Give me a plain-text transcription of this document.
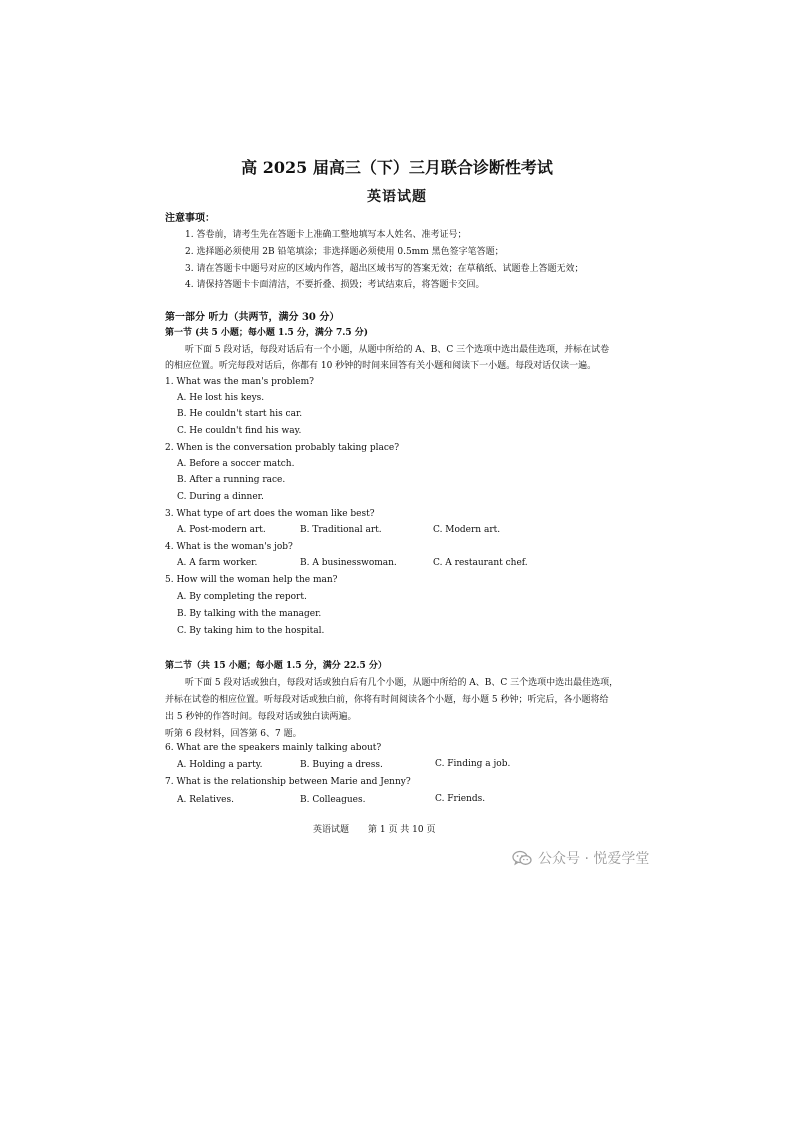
高 2025 届高三（下）三月联合诊断性考试
英语试题
注意事项：
1. 答卷前，请考生先在答题卡上准确工整地填写本人姓名、准考证号；
2. 选择题必须使用 2B 铅笔填涂；非选择题必须使用 0.5mm 黑色签字笔答题；
3. 请在答题卡中题号对应的区域内作答，超出区域书写的答案无效；在草稿纸、试题卷上答题无效；
4. 请保持答题卡卡面清洁，不要折叠、损毁；考试结束后，将答题卡交回。
第一部分 听力（共两节，满分 30 分）
第一节 (共 5 小题；每小题 1.5 分，满分 7.5 分)
听下面 5 段对话，每段对话后有一个小题，从题中所给的 A、B、C 三个选项中选出最佳选项，并标在试卷
的相应位置。听完每段对话后，你都有 10 秒钟的时间来回答有关小题和阅读下一小题。每段对话仅读一遍。
1. What was the man's problem?
A. He lost his keys.
B. He couldn't start his car.
C. He couldn't find his way.
2. When is the conversation probably taking place?
A. Before a soccer match.
B. After a running race.
C. During a dinner.
3. What type of art does the woman like best?
A. Post-modern art.	B. Traditional art.	C. Modern art.
4. What is the woman's job?
A. A farm worker.	B. A businesswoman.	C. A restaurant chef.
5. How will the woman help the man?
A. By completing the report.
B. By talking with the manager.
C. By taking him to the hospital.
第二节（共 15 小题；每小题 1.5 分，满分 22.5 分）
听下面 5 段对话或独白，每段对话或独白后有几个小题，从题中所给的 A、B、C 三个选项中选出最佳选项，
并标在试卷的相应位置。听每段对话或独白前，你将有时间阅读各个小题，每小题 5 秒钟；听完后，各小题将给
出 5 秒钟的作答时间。每段对话或独白读两遍。
听第 6 段材料，回答第 6、7 题。
6. What are the speakers mainly talking about?
A. Holding a party.	B. Buying a dress.	C. Finding a job.
7. What is the relationship between Marie and Jenny?
A. Relatives.	B. Colleagues.	C. Friends.
英语试题 第 1 页 共 10 页
公众号 · 悦爱学堂
